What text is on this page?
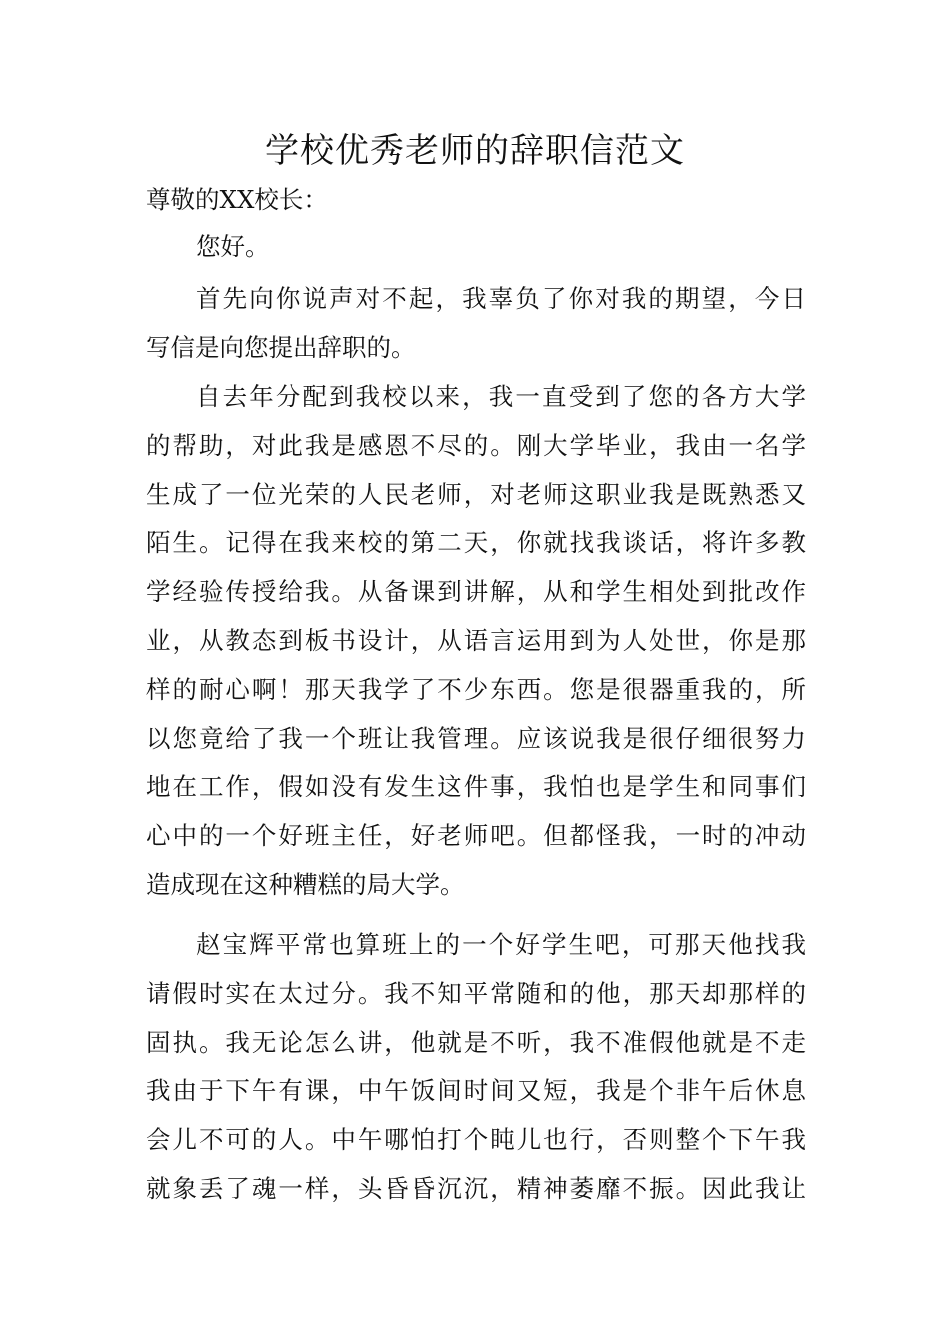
学校优秀老师的辞职信范文

尊敬的XX校长：

您好。

首先向你说声对不起，我辜负了你对我的期望，今日
写信是向您提出辞职的。
自去年分配到我校以来，我一直受到了您的各方大学
的帮助，对此我是感恩不尽的。刚大学毕业，我由一名学
生成了一位光荣的人民老师，对老师这职业我是既熟悉又
陌生。记得在我来校的第二天，你就找我谈话，将许多教
学经验传授给我。从备课到讲解，从和学生相处到批改作
业，从教态到板书设计，从语言运用到为人处世，你是那
样的耐心啊！那天我学了不少东西。您是很器重我的，所
以您竟给了我一个班让我管理。应该说我是很仔细很努力
地在工作，假如没有发生这件事，我怕也是学生和同事们
心中的一个好班主任，好老师吧。但都怪我，一时的冲动
造成现在这种糟糕的局大学。
赵宝辉平常也算班上的一个好学生吧，可那天他找我
请假时实在太过分。我不知平常随和的他，那天却那样的
固执。我无论怎么讲，他就是不听，我不准假他就是不走
我由于下午有课，中午饭间时间又短，我是个非午后休息
会儿不可的人。中午哪怕打个盹儿也行，否则整个下午我
就象丢了魂一样，头昏昏沉沉，精神萎靡不振。因此我让
